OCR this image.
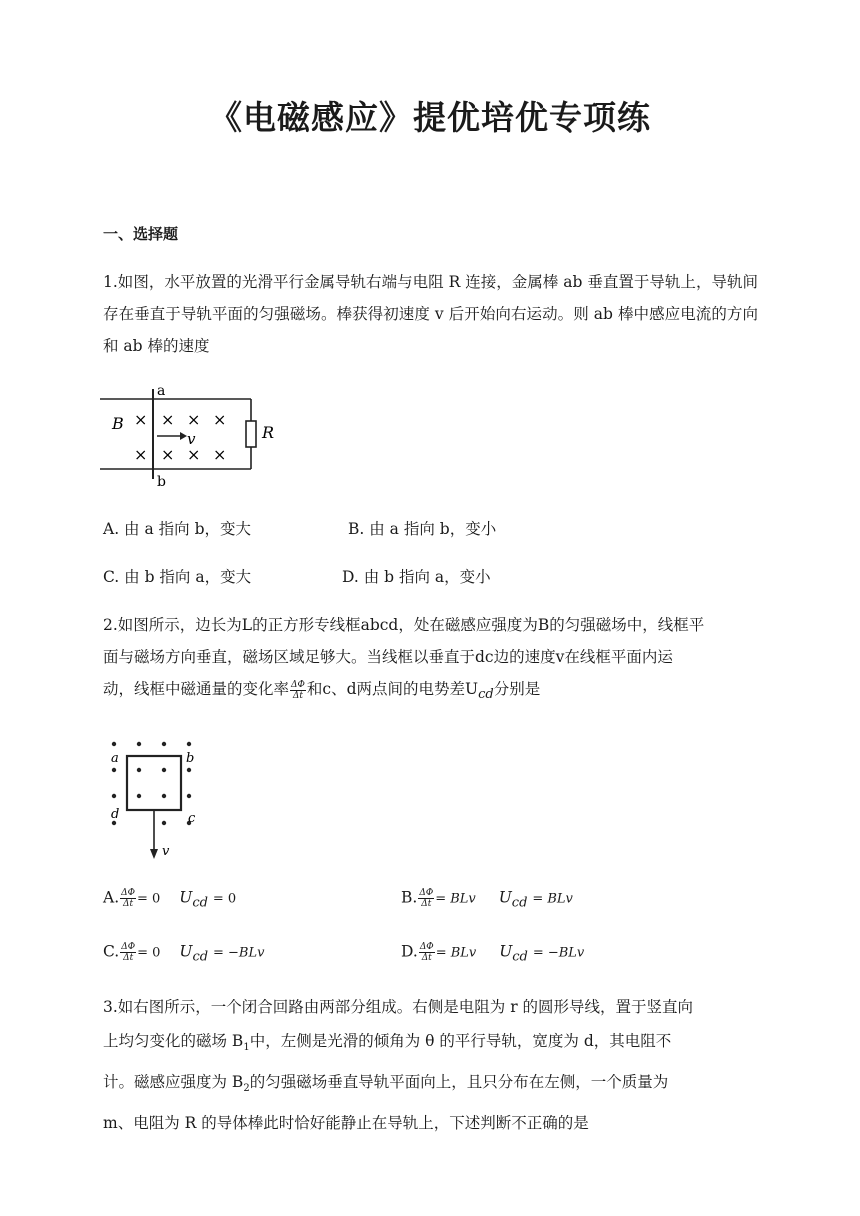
《电磁感应》提优培优专项练
一、选择题
1.如图，水平放置的光滑平行金属导轨右端与电阻 R 连接，金属棒 ab 垂直置于导轨上，导轨间存在垂直于导轨平面的匀强磁场。棒获得初速度 v 后开始向右运动。则 ab 棒中感应电流的方向和 ab 棒的速度
a
b
B	R
× × × ×
× × × ×
v
A. 由 a 指向 b，变大	B. 由 a 指向 b，变小
C. 由 b 指向 a，变大	D. 由 b 指向 a，变小
2.如图所示，边长为L的正方形专线框abcd，处在磁感应强度为B的匀强磁场中，线框平
面与磁场方向垂直，磁场区域足够大。当线框以垂直于dc边的速度v在线框平面内运
动，线框中磁通量的变化率 $\frac{\Delta\Phi}{\Delta t}$ 和c、d两点间的电势差$U_{cd}$分别是
a	b
c
d
v
A. $\frac{\Delta\Phi}{\Delta t} = 0$ $U_{cd} = 0$	B. $\frac{\Delta\Phi}{\Delta t}$ = BLv $U_{cd}$ = BLv
C. $\frac{\Delta\Phi}{\Delta t} = 0$ $U_{cd} = -BLv$	D. $\frac{\Delta\Phi}{\Delta t}$ = BLv $U_{cd} = -BLv$
3.如右图所示，一个闭合回路由两部分组成。右侧是电阻为 r 的圆形导线，置于竖直向
上均匀变化的磁场 $B_1$中，左侧是光滑的倾角为 θ 的平行导轨，宽度为 d，其电阻不
计。磁感应强度为 $B_2$的匀强磁场垂直导轨平面向上，且只分布在左侧，一个质量为
m、电阻为 R 的导体棒此时恰好能静止在导轨上，下述判断不正确的是
